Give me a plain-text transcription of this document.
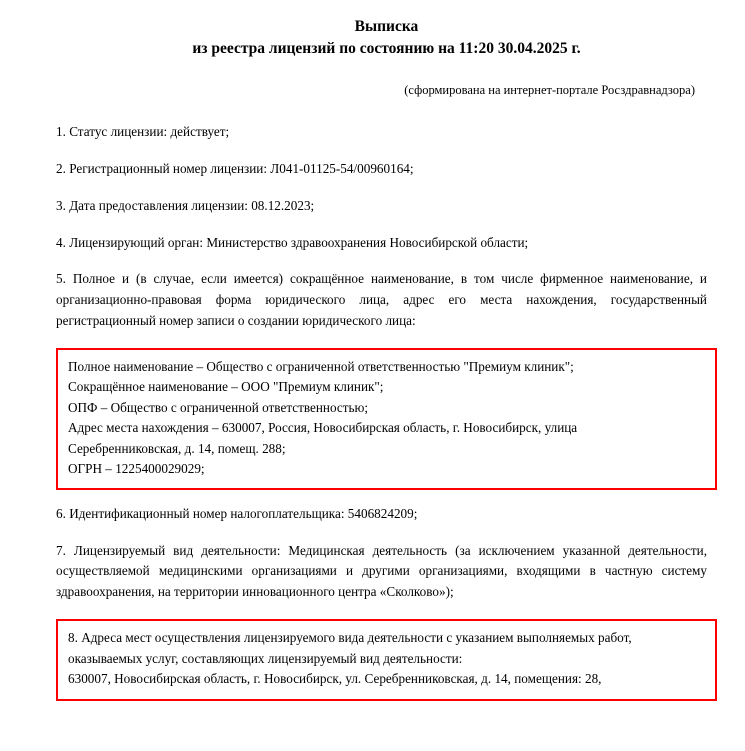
Выписка
из реестра лицензий по состоянию на 11:20 30.04.2025 г.
(сформирована на интернет-портале Росздравнадзора)

1. Статус лицензии: действует;

2. Регистрационный номер лицензии: Л041-01125-54/00960164;

3. Дата предоставления лицензии: 08.12.2023;

4. Лицензирующий орган: Министерство здравоохранения Новосибирской области;

5. Полное и (в случае, если имеется) сокращённое наименование, в том числе фирменное наименование, и организационно-правовая форма юридического лица, адрес его места нахождения, государственный регистрационный номер записи о создании юридического лица:

Полное наименование – Общество с ограниченной ответственностью "Премиум клиник";
Сокращённое наименование – ООО "Премиум клиник";
ОПФ – Общество с ограниченной ответственностью;
Адрес места нахождения – 630007, Россия, Новосибирская область, г. Новосибирск, улица
Серебренниковская, д. 14, помещ. 288;
ОГРН – 1225400029029;

6. Идентификационный номер налогоплательщика: 5406824209;

7. Лицензируемый вид деятельности: Медицинская деятельность (за исключением указанной деятельности, осуществляемой медицинскими организациями и другими организациями, входящими в частную систему здравоохранения, на территории инновационного центра «Сколково»);

8. Адреса мест осуществления лицензируемого вида деятельности с указанием выполняемых работ, оказываемых услуг, составляющих лицензируемый вид деятельности:
630007, Новосибирская область, г. Новосибирск, ул. Серебренниковская, д. 14, помещения: 28,
